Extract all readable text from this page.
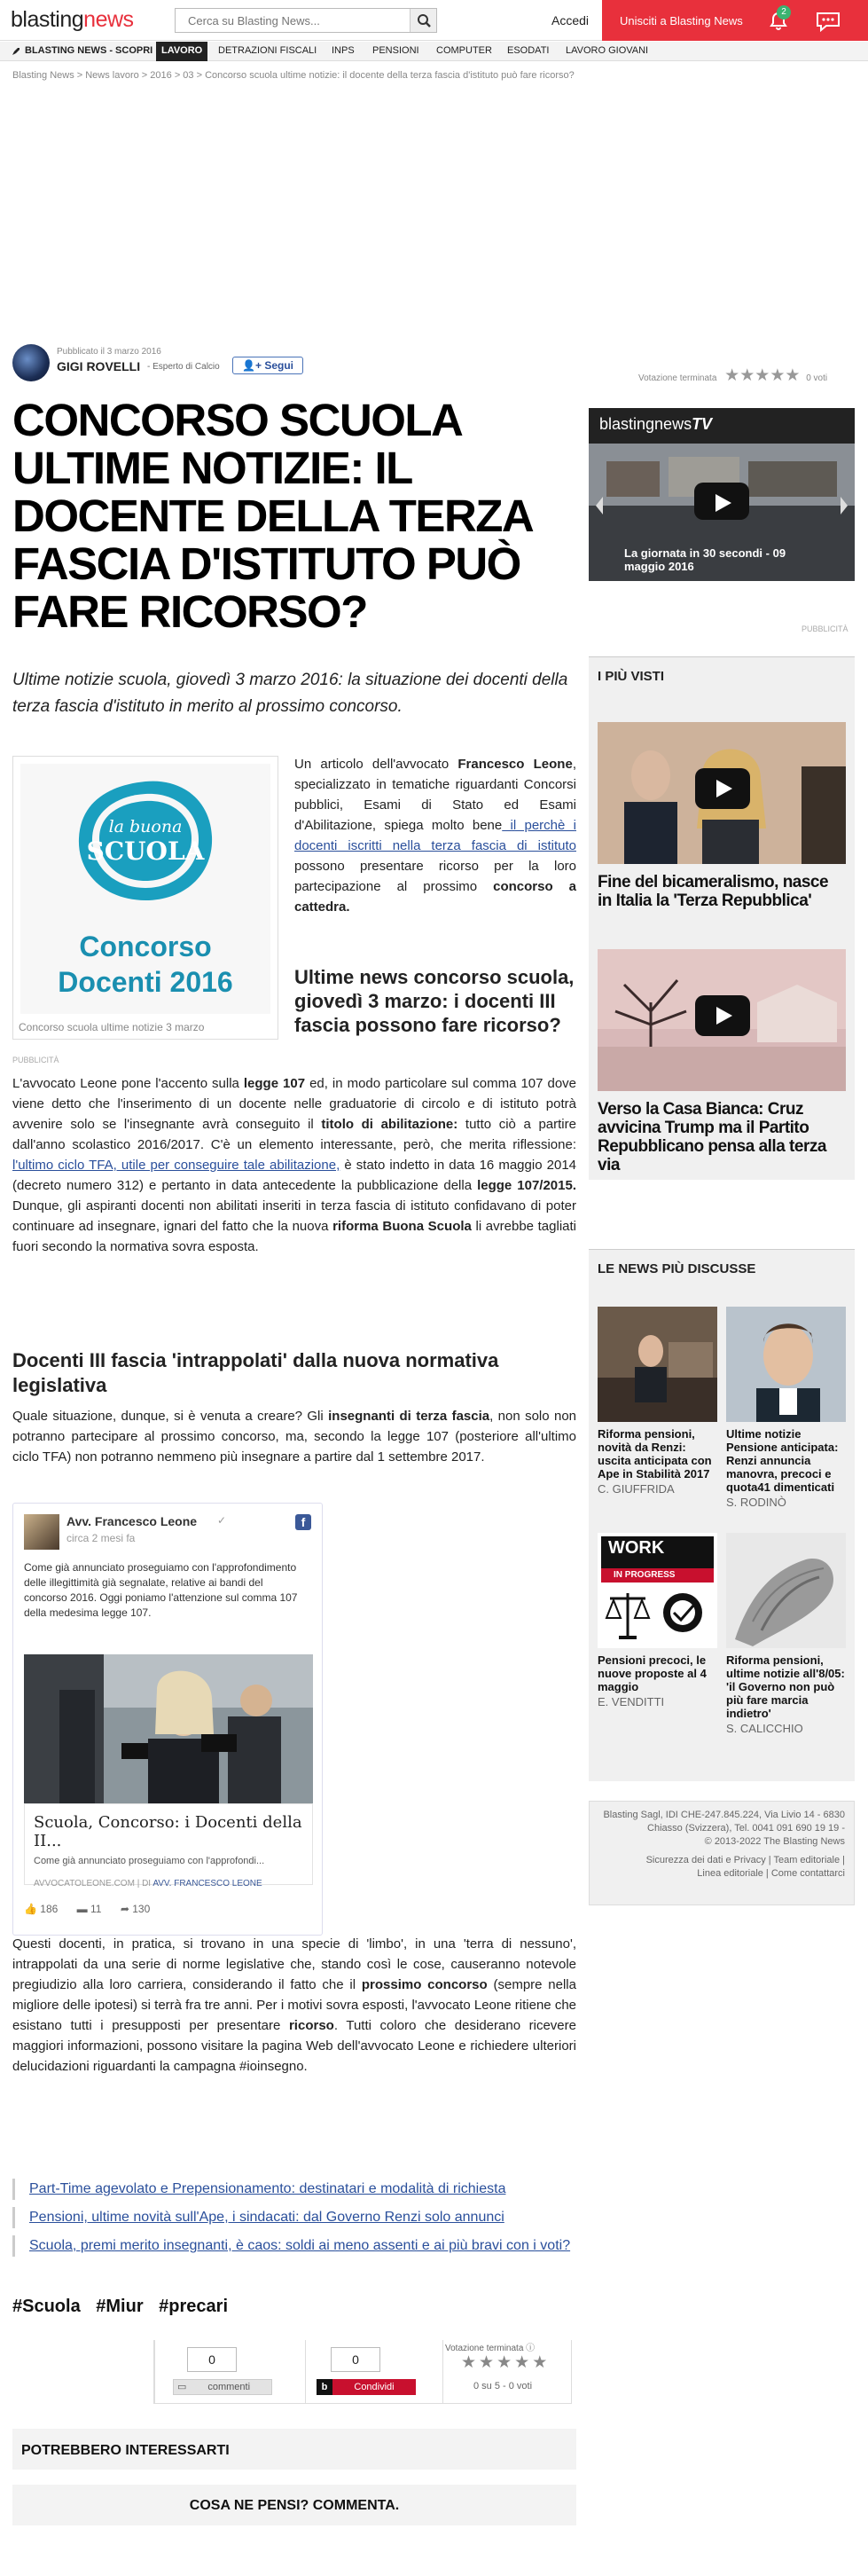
blastingnews
Cerca su Blasting News...	Accedi	Unisciti a Blasting News
2
BLASTING NEWS - SCOPRI LAVORO DETRAZIONI FISCALI INPS PENSIONI COMPUTER ESODATI LAVORO GIOVANI
Blasting News > News lavoro > 2016 > 03 > Concorso scuola ultime notizie: il docente della terza fascia d'istituto può fare ricorso?
Pubblicato il 3 marzo 2016
GIGI ROVELLI - Esperto di Calcio	👤+ Segui
Votazione terminata ★★★★★ 0 voti
CONCORSO SCUOLA ULTIME NOTIZIE: IL DOCENTE DELLA TERZA FASCIA D'ISTITUTO PUÒ FARE RICORSO?

Ultime notizie scuola, giovedì 3 marzo 2016: la situazione dei docenti della terza fascia d'istituto in merito al prossimo concorso.

la buona
SCUOLA
Concorso
Docenti 2016
Concorso scuola ultime notizie 3 marzo
PUBBLICITÀ

Un articolo dell'avvocato Francesco Leone, specializzato in tematiche riguardanti Concorsi pubblici, Esami di Stato ed Esami d'Abilitazione, spiega molto bene il perchè i docenti iscritti nella terza fascia di istituto possono presentare ricorso per la loro partecipazione al prossimo concorso a cattedra.

Ultime news concorso scuola, giovedì 3 marzo: i docenti III fascia possono fare ricorso?

L'avvocato Leone pone l'accento sulla legge 107 ed, in modo particolare sul comma 107 dove viene detto che l'inserimento di un docente nelle graduatorie di circolo e di istituto potrà avvenire solo se l'insegnante avrà conseguito il titolo di abilitazione: tutto ciò a partire dall'anno scolastico 2016/2017. C'è un elemento interessante, però, che merita riflessione: l'ultimo ciclo TFA, utile per conseguire tale abilitazione, è stato indetto in data 16 maggio 2014 (decreto numero 312) e pertanto in data antecedente la pubblicazione della legge 107/2015. Dunque, gli aspiranti docenti non abilitati inseriti in terza fascia di istituto confidavano di poter continuare ad insegnare, ignari del fatto che la nuova riforma Buona Scuola li avrebbe tagliati fuori secondo la normativa sovra esposta.

Docenti III fascia 'intrappolati' dalla nuova normativa legislativa

Quale situazione, dunque, si è venuta a creare? Gli insegnanti di terza fascia, non solo non potranno partecipare al prossimo concorso, ma, secondo la legge 107 (posteriore all'ultimo ciclo TFA) non potranno nemmeno più insegnare a partire dal 1 settembre 2017.

Avv. Francesco Leone ✓
circa 2 mesi fa
f
Come già annunciato proseguiamo con l'approfondimento delle illegittimità già segnalate, relative ai bandi del concorso 2016. Oggi poniamo l'attenzione sul comma 107 della medesima legge 107.
Scuola, Concorso: i Docenti della II...
Come già annunciato proseguiamo con l'approfondi...
AVVOCATOLEONE.COM | DI AVV. FRANCESCO LEONE
👍 186 ▬ 11 ➦ 130

Questi docenti, in pratica, si trovano in una specie di 'limbo', in una 'terra di nessuno', intrappolati da una serie di norme legislative che, stando così le cose, causeranno notevole pregiudizio alla loro carriera, considerando il fatto che il prossimo concorso (sempre nella migliore delle ipotesi) si terrà fra tre anni. Per i motivi sovra esposti, l'avvocato Leone ritiene che esistano tutti i presupposti per presentare ricorso. Tutti coloro che desiderano ricevere maggiori informazioni, possono visitare la pagina Web dell'avvocato Leone e richiedere ulteriori delucidazioni riguardanti la campagna #ioinsegno.

Part-Time agevolato e Prepensionamento: destinatari e modalità di richiesta
Pensioni, ultime novità sull'Ape, i sindacati: dal Governo Renzi solo annunci
Scuola, premi merito insegnanti, è caos: soldi ai meno assenti e ai più bravi con i voti?
#Scuola #Miur #precari
0
▭ commenti
0
b	Condividi
Votazione terminata ⓘ
★★★★★
0 su 5 - 0 voti
POTREBBERO INTERESSARTI
COSA NE PENSI? COMMENTA.
blastingnewsTV
La giornata in 30 secondi - 09 maggio 2016
PUBBLICITÀ
I PIÙ VISTI
Fine del bicameralismo, nasce in Italia la 'Terza Repubblica'
Verso la Casa Bianca: Cruz avvicina Trump ma il Partito Repubblicano pensa alla terza via
LE NEWS PIÙ DISCUSSE
Riforma pensioni, novità da Renzi: uscita anticipata con Ape in Stabilità 2017
C. GIUFFRIDA
Ultime notizie Pensione anticipata: Renzi annuncia manovra, precoci e quota41 dimenticati
S. RODINÒ
WORK
IN PROGRESS
Pensioni precoci, le nuove proposte al 4 maggio
E. VENDITTI
Riforma pensioni, ultime notizie all'8/05: 'il Governo non può più fare marcia indietro'
S. CALICCHIO
Blasting Sagl, IDI CHE-247.845.224, Via Livio 14 - 6830 Chiasso (Svizzera), Tel. 0041 091 690 19 19 -
© 2013-2022 The Blasting News
Sicurezza dei dati e Privacy | Team editoriale |
Linea editoriale | Come contattarci
